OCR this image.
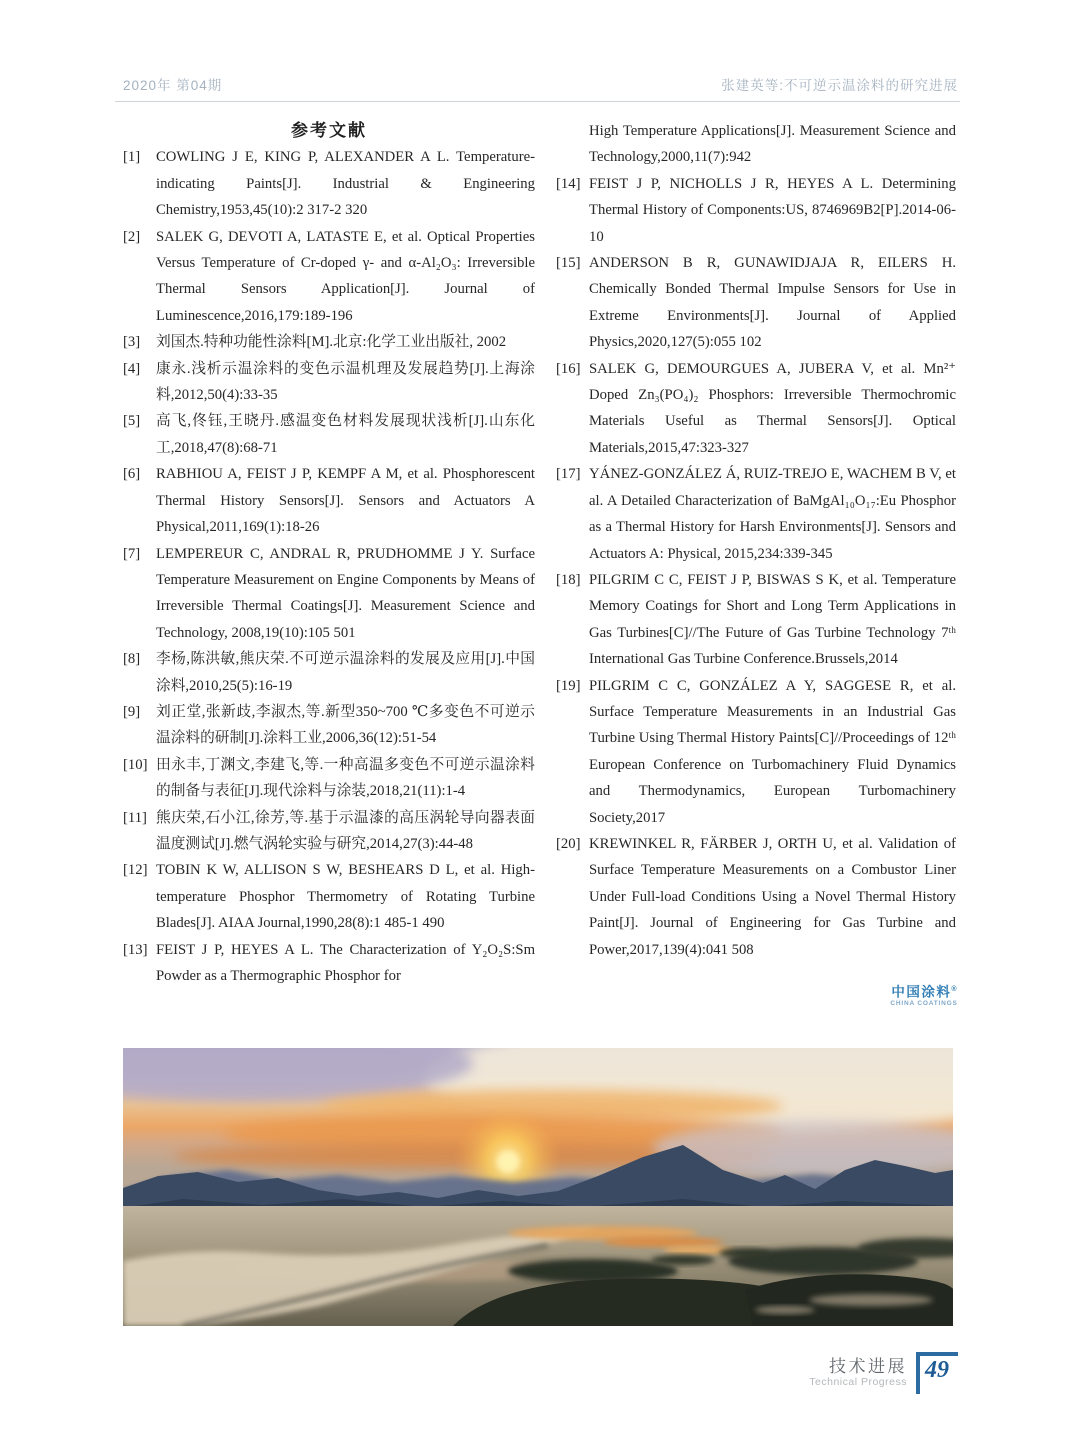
2020年 第04期	张建英等:不可逆示温涂料的研究进展
参考文献
[1] COWLING J E, KING P, ALEXANDER A L. Temperature-indicating Paints[J]. Industrial & Engineering Chemistry,1953,45(10):2 317-2 320
[2] SALEK G, DEVOTI A, LATASTE E, et al. Optical Properties Versus Temperature of Cr-doped γ- and α-Al₂O₃: Irreversible Thermal Sensors Application[J]. Journal of Luminescence,2016,179:189-196
[3] 刘国杰.特种功能性涂料[M].北京:化学工业出版社, 2002
[4] 康永.浅析示温涂料的变色示温机理及发展趋势[J].上海涂料,2012,50(4):33-35
[5] 高飞,佟钰,王晓丹.感温变色材料发展现状浅析[J].山东化工,2018,47(8):68-71
[6] RABHIOU A, FEIST J P, KEMPF A M, et al. Phosphorescent Thermal History Sensors[J]. Sensors and Actuators A Physical,2011,169(1):18-26
[7] LEMPEREUR C, ANDRAL R, PRUDHOMME J Y. Surface Temperature Measurement on Engine Components by Means of Irreversible Thermal Coatings[J]. Measurement Science and Technology, 2008,19(10):105 501
[8] 李杨,陈洪敏,熊庆荣.不可逆示温涂料的发展及应用[J].中国涂料,2010,25(5):16-19
[9] 刘正堂,张新歧,李淑杰,等.新型350~700 ℃多变色不可逆示温涂料的研制[J].涂料工业,2006,36(12):51-54
[10] 田永丰,丁渊文,李建飞,等.一种高温多变色不可逆示温涂料的制备与表征[J].现代涂料与涂装,2018,21(11):1-4
[11] 熊庆荣,石小江,徐芳,等.基于示温漆的高压涡轮导向器表面温度测试[J].燃气涡轮实验与研究,2014,27(3):44-48
[12] TOBIN K W, ALLISON S W, BESHEARS D L, et al. High-temperature Phosphor Thermometry of Rotating Turbine Blades[J]. AIAA Journal,1990,28(8):1 485-1 490
[13] FEIST J P, HEYES A L. The Characterization of Y₂O₂S:Sm Powder as a Thermographic Phosphor for
High Temperature Applications[J]. Measurement Science and Technology,2000,11(7):942
[14] FEIST J P, NICHOLLS J R, HEYES A L. Determining Thermal History of Components:US, 8746969B2[P].2014-06-10
[15] ANDERSON B R, GUNAWIDJAJA R, EILERS H. Chemically Bonded Thermal Impulse Sensors for Use in Extreme Environments[J]. Journal of Applied Physics,2020,127(5):055 102
[16] SALEK G, DEMOURGUES A, JUBERA V, et al. Mn²⁺ Doped Zn₃(PO₄)₂ Phosphors: Irreversible Thermochromic Materials Useful as Thermal Sensors[J]. Optical Materials,2015,47:323-327
[17] YÁNEZ-GONZÁLEZ Á, RUIZ-TREJO E, WACHEM B V, et al. A Detailed Characterization of BaMgAl₁₀O₁₇:Eu Phosphor as a Thermal History for Harsh Environments[J]. Sensors and Actuators A: Physical, 2015,234:339-345
[18] PILGRIM C C, FEIST J P, BISWAS S K, et al. Temperature Memory Coatings for Short and Long Term Applications in Gas Turbines[C]//The Future of Gas Turbine Technology 7ᵗʰ International Gas Turbine Conference.Brussels,2014
[19] PILGRIM C C, GONZÁLEZ A Y, SAGGESE R, et al. Surface Temperature Measurements in an Industrial Gas Turbine Using Thermal History Paints[C]//Proceedings of 12ᵗʰ European Conference on Turbomachinery Fluid Dynamics and Thermodynamics, European Turbomachinery Society,2017
[20] KREWINKEL R, FÄRBER J, ORTH U, et al. Validation of Surface Temperature Measurements on a Combustor Liner Under Full-load Conditions Using a Novel Thermal History Paint[J]. Journal of Engineering for Gas Turbine and Power,2017,139(4):041 508
中国涂料®
CHINA COATINGS
技术进展
Technical Progress 49
